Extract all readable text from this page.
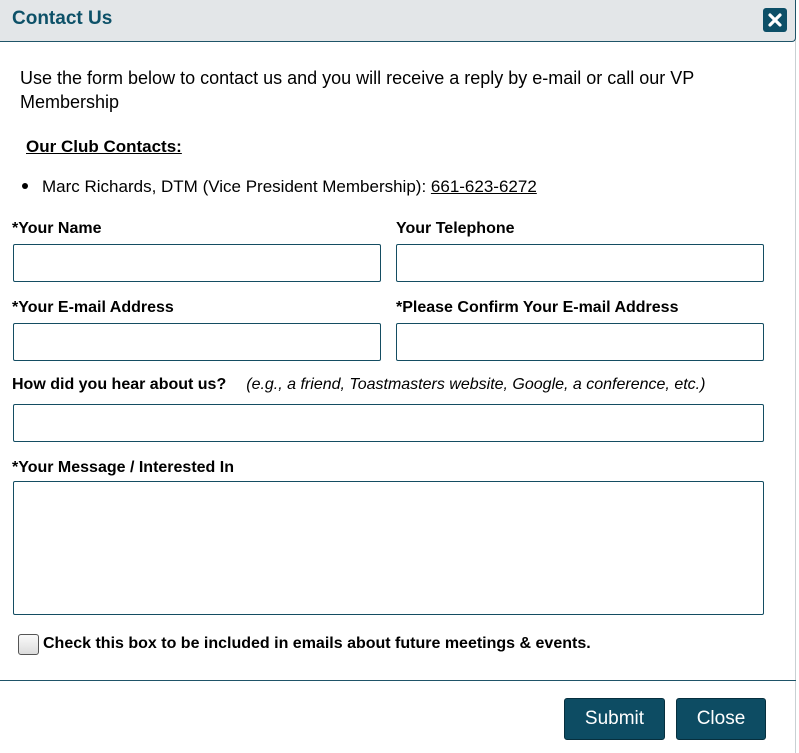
Contact Us
Use the form below to contact us and you will receive a reply by e-mail or call our VP Membership
Our Club Contacts:
Marc Richards, DTM (Vice President Membership): 661-623-6272
*Your Name	Your Telephone
*Your E-mail Address	*Please Confirm Your E-mail Address
How did you hear about us? (e.g., a friend, Toastmasters website, Google, a conference, etc.)
*Your Message / Interested In
Check this box to be included in emails about future meetings & events.
Submit	Close
